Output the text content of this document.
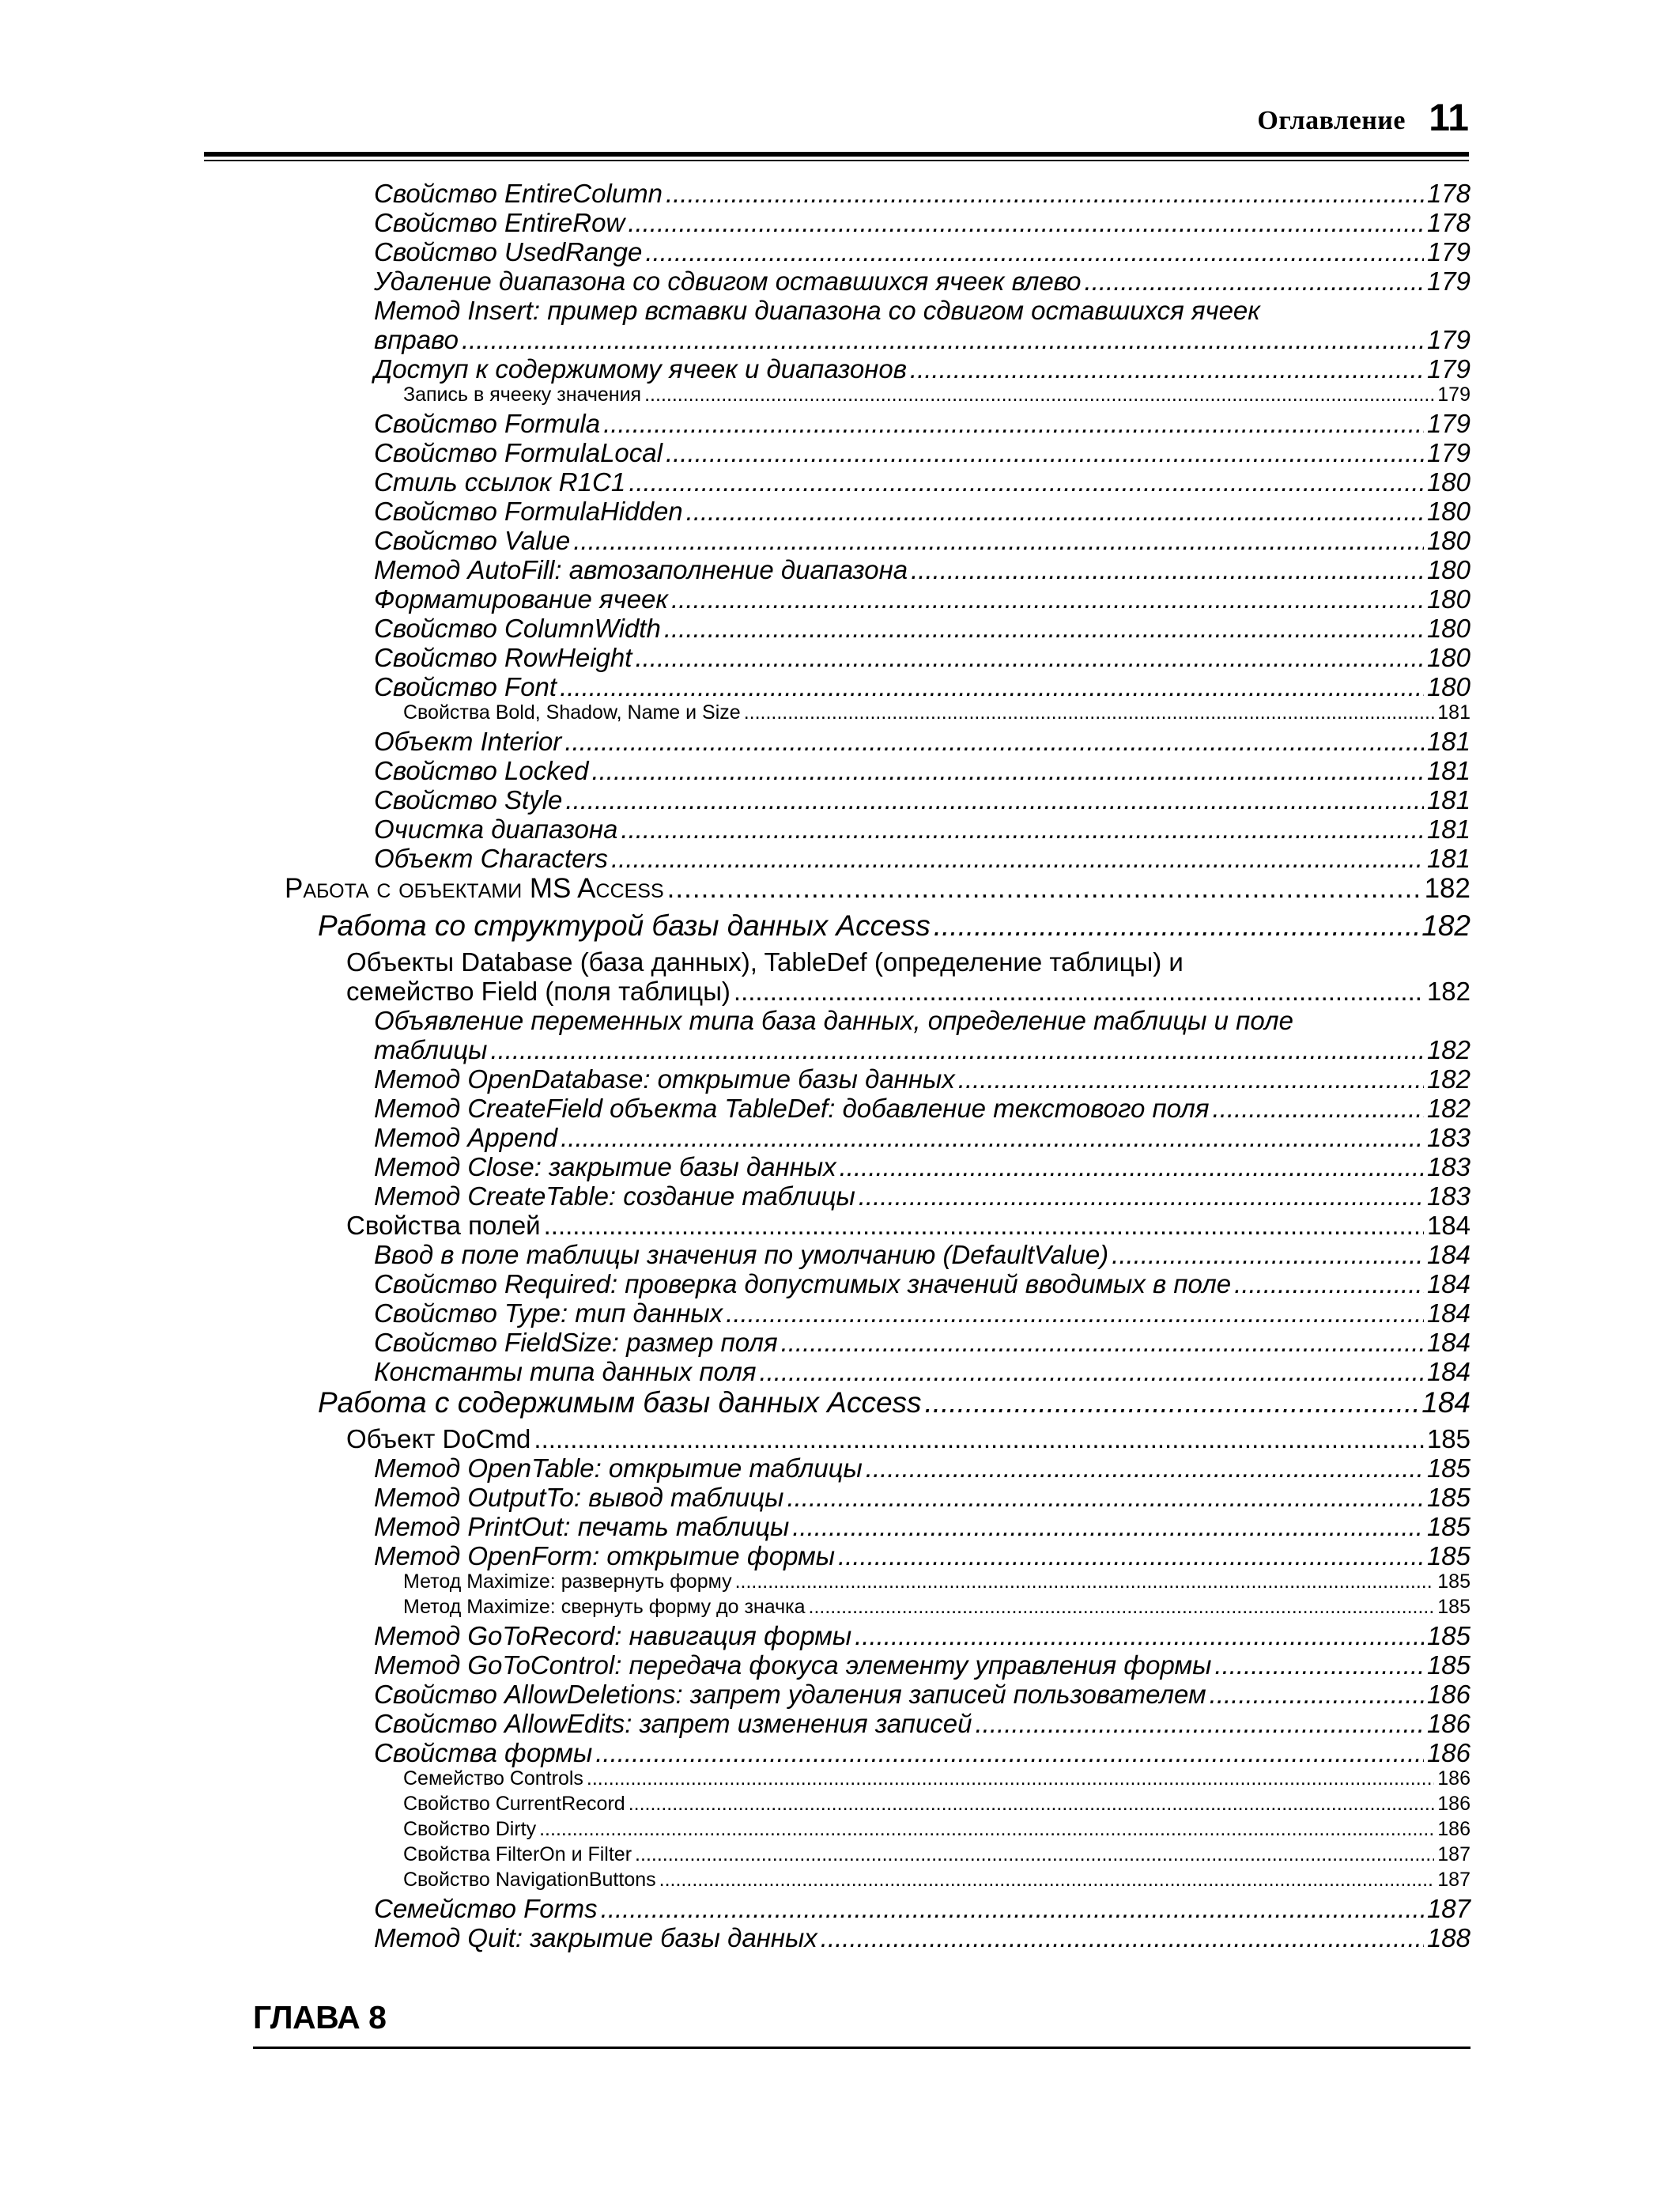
Оглавление 11
Свойство EntireColumn .....	178
Свойство EntireRow .....	178
Свойство UsedRange .....	179
Удаление диапазона со сдвигом оставшихся ячеек влево .....	179
Метод Insert: пример вставки диапазона со сдвигом оставшихся ячеек
вправо .....	179
Доступ к содержимому ячеек и диапазонов .....	179
Запись в ячееку значения .....	179
Свойство Formula .....	179
Свойство FormulaLocal .....	179
Стиль ссылок R1C1 .....	180
Свойство FormulaHidden .....	180
Свойство Value .....	180
Метод AutoFill: автозаполнение диапазона .....	180
Форматирование ячеек .....	180
Свойство ColumnWidth .....	180
Свойство RowHeight .....	180
Свойство Font .....	180
Свойства Bold, Shadow, Name и Size .....	181
Объект Interior .....	181
Свойство Locked .....	181
Свойство Style .....	181
Очистка диапазона .....	181
Объект Characters .....	181
Работа с объектами MS Access .....	182
Работа со структурой базы данных Access .....	182
Объекты Database (база данных), TableDef (определение таблицы) и
семейство Field (поля таблицы) .....	182
Объявление переменных типа база данных, определение таблицы и поле
таблицы .....	182
Метод OpenDatabase: открытие базы данных .....	182
Метод CreateField объекта TableDef: добавление текстового поля .....	182
Метод Append .....	183
Метод Close: закрытие базы данных .....	183
Метод CreateTable: создание таблицы .....	183
Свойства полей .....	184
Ввод в поле таблицы значения по умолчанию (DefaultValue) .....	184
Свойство Required: проверка допустимых значений вводимых в поле .....	184
Свойство Type: тип данных .....	184
Свойство FieldSize: размер поля .....	184
Константы типа данных поля .....	184
Работа с содержимым базы данных Access .....	184
Объект DoCmd .....	185
Метод OpenTable: открытие таблицы .....	185
Метод OutputTo: вывод таблицы .....	185
Метод PrintOut: печать таблицы .....	185
Метод OpenForm: открытие формы .....	185
Метод Maximize: развернуть форму .....	185
Метод Maximize: свернуть форму до значка .....	185
Метод GoToRecord: навигация формы .....	185
Метод GoToControl: передача фокуса элементу управления формы .....	185
Свойство AllowDeletions: запрет удаления записей пользователем .....	186
Свойство AllowEdits: запрет изменения записей .....	186
Свойства формы .....	186
Семейство Controls .....	186
Свойство CurrentRecord .....	186
Свойство Dirty .....	186
Свойства FilterOn и Filter .....	187
Свойство NavigationButtons .....	187
Семейство Forms .....	187
Метод Quit: закрытие базы данных .....	188
ГЛАВА 8
